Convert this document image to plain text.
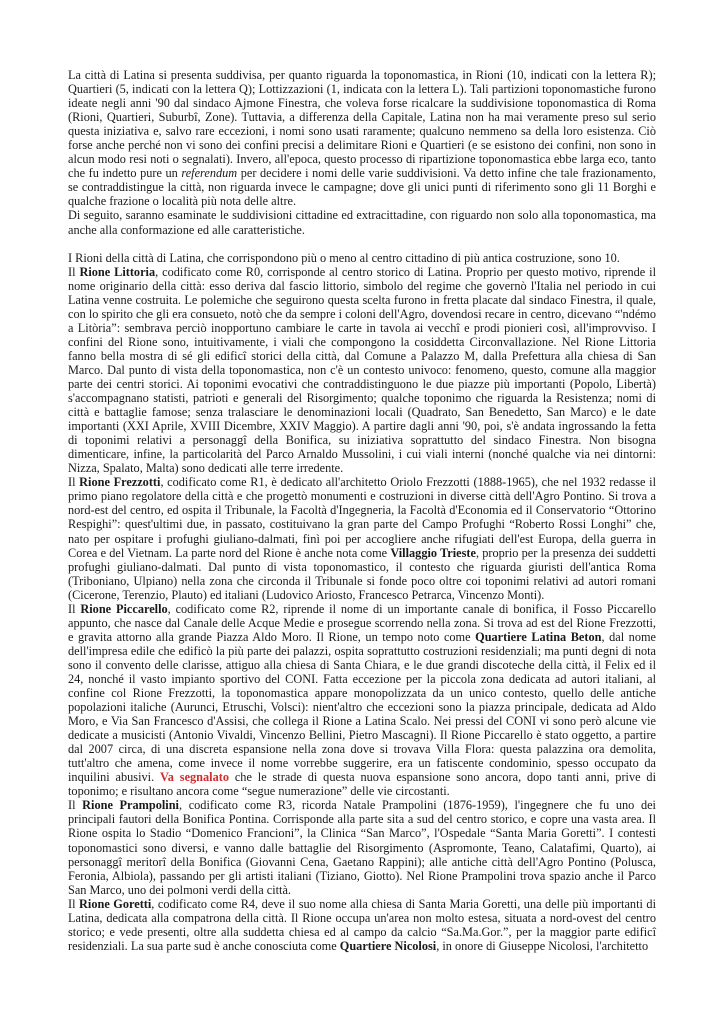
La città di Latina si presenta suddivisa, per quanto riguarda la toponomastica, in Rioni (10, indicati con la lettera R); Quartieri (5, indicati con la lettera Q); Lottizzazioni (1, indicata con la lettera L). Tali partizioni toponomastiche furono ideate negli anni '90 dal sindaco Ajmone Finestra, che voleva forse ricalcare la suddivisione toponomastica di Roma (Rioni, Quartieri, Suburbî, Zone). Tuttavia, a differenza della Capitale, Latina non ha mai veramente preso sul serio questa iniziativa e, salvo rare eccezioni, i nomi sono usati raramente; qualcuno nemmeno sa della loro esistenza. Ciò forse anche perché non vi sono dei confini precisi a delimitare Rioni e Quartieri (e se esistono dei confini, non sono in alcun modo resi noti o segnalati). Invero, all'epoca, questo processo di ripartizione toponomastica ebbe larga eco, tanto che fu indetto pure un referendum per decidere i nomi delle varie suddivisioni. Va detto infine che tale frazionamento, se contraddistingue la città, non riguarda invece le campagne; dove gli unici punti di riferimento sono gli 11 Borghi e qualche frazione o località più nota delle altre.

Di seguito, saranno esaminate le suddivisioni cittadine ed extracittadine, con riguardo non solo alla toponomastica, ma anche alla conformazione ed alle caratteristiche.

I Rioni della città di Latina, che corrispondono più o meno al centro cittadino di più antica costruzione, sono 10.

Il Rione Littoria, codificato come R0, corrisponde al centro storico di Latina. Proprio per questo motivo, riprende il nome originario della città: esso deriva dal fascio littorio, simbolo del regime che governò l'Italia nel periodo in cui Latina venne costruita. Le polemiche che seguirono questa scelta furono in fretta placate dal sindaco Finestra, il quale, con lo spirito che gli era consueto, notò che da sempre i coloni dell'Agro, dovendosi recare in centro, dicevano “'ndémo a Litòria”: sembrava perciò inopportuno cambiare le carte in tavola ai vecchî e prodi pionieri così, all'improvviso. I confini del Rione sono, intuitivamente, i viali che compongono la cosiddetta Circonvallazione. Nel Rione Littoria fanno bella mostra di sé gli edificî storici della città, dal Comune a Palazzo M, dalla Prefettura alla chiesa di San Marco. Dal punto di vista della toponomastica, non c'è un contesto univoco: fenomeno, questo, comune alla maggior parte dei centri storici. Ai toponimi evocativi che contraddistinguono le due piazze più importanti (Popolo, Libertà) s'accompagnano statisti, patrioti e generali del Risorgimento; qualche toponimo che riguarda la Resistenza; nomi di città e battaglie famose; senza tralasciare le denominazioni locali (Quadrato, San Benedetto, San Marco) e le date importanti (XXI Aprile, XVIII Dicembre, XXIV Maggio). A partire dagli anni '90, poi, s'è andata ingrossando la fetta di toponimi relativi a personaggî della Bonifica, su iniziativa soprattutto del sindaco Finestra. Non bisogna dimenticare, infine, la particolarità del Parco Arnaldo Mussolini, i cui viali interni (nonché qualche via nei dintorni: Nizza, Spalato, Malta) sono dedicati alle terre irredente.

Il Rione Frezzotti, codificato come R1, è dedicato all'architetto Oriolo Frezzotti (1888-1965), che nel 1932 redasse il primo piano regolatore della città e che progettò monumenti e costruzioni in diverse città dell'Agro Pontino. Si trova a nord-est del centro, ed ospita il Tribunale, la Facoltà d'Ingegneria, la Facoltà d'Economia ed il Conservatorio “Ottorino Respighi”: quest'ultimi due, in passato, costituivano la gran parte del Campo Profughi “Roberto Rossi Longhi” che, nato per ospitare i profughi giuliano-dalmati, finì poi per accogliere anche rifugiati dell'est Europa, della guerra in Corea e del Vietnam. La parte nord del Rione è anche nota come Villaggio Trieste, proprio per la presenza dei suddetti profughi giuliano-dalmati. Dal punto di vista toponomastico, il contesto che riguarda giuristi dell'antica Roma (Triboniano, Ulpiano) nella zona che circonda il Tribunale si fonde poco oltre coi toponimi relativi ad autori romani (Cicerone, Terenzio, Plauto) ed italiani (Ludovico Ariosto, Francesco Petrarca, Vincenzo Monti).

Il Rione Piccarello, codificato come R2, riprende il nome di un importante canale di bonifica, il Fosso Piccarello appunto, che nasce dal Canale delle Acque Medie e prosegue scorrendo nella zona. Si trova ad est del Rione Frezzotti, e gravita attorno alla grande Piazza Aldo Moro. Il Rione, un tempo noto come Quartiere Latina Beton, dal nome dell'impresa edile che edificò la più parte dei palazzi, ospita soprattutto costruzioni residenziali; ma punti degni di nota sono il convento delle clarisse, attiguo alla chiesa di Santa Chiara, e le due grandi discoteche della città, il Felix ed il 24, nonché il vasto impianto sportivo del CONI. Fatta eccezione per la piccola zona dedicata ad autori italiani, al confine col Rione Frezzotti, la toponomastica appare monopolizzata da un unico contesto, quello delle antiche popolazioni italiche (Aurunci, Etruschi, Volsci): nient'altro che eccezioni sono la piazza principale, dedicata ad Aldo Moro, e Via San Francesco d'Assisi, che collega il Rione a Latina Scalo. Nei pressi del CONI vi sono però alcune vie dedicate a musicisti (Antonio Vivaldi, Vincenzo Bellini, Pietro Mascagni). Il Rione Piccarello è stato oggetto, a partire dal 2007 circa, di una discreta espansione nella zona dove si trovava Villa Flora: questa palazzina ora demolita, tutt'altro che amena, come invece il nome vorrebbe suggerire, era un fatiscente condominio, spesso occupato da inquilini abusivi. Va segnalato che le strade di questa nuova espansione sono ancora, dopo tanti anni, prive di toponimo; e risultano ancora come “segue numerazione” delle vie circostanti.

Il Rione Prampolini, codificato come R3, ricorda Natale Prampolini (1876-1959), l'ingegnere che fu uno dei principali fautori della Bonifica Pontina. Corrisponde alla parte sita a sud del centro storico, e copre una vasta area. Il Rione ospita lo Stadio “Domenico Francioni”, la Clinica “San Marco”, l'Ospedale “Santa Maria Goretti”. I contesti toponomastici sono diversi, e vanno dalle battaglie del Risorgimento (Aspromonte, Teano, Calatafimi, Quarto), ai personaggî meritorî della Bonifica (Giovanni Cena, Gaetano Rappini); alle antiche città dell'Agro Pontino (Polusca, Feronia, Albiola), passando per gli artisti italiani (Tiziano, Giotto). Nel Rione Prampolini trova spazio anche il Parco San Marco, uno dei polmoni verdi della città.

Il Rione Goretti, codificato come R4, deve il suo nome alla chiesa di Santa Maria Goretti, una delle più importanti di Latina, dedicata alla compatrona della città. Il Rione occupa un'area non molto estesa, situata a nord-ovest del centro storico; e vede presenti, oltre alla suddetta chiesa ed al campo da calcio “Sa.Ma.Gor.”, per la maggior parte edificî residenziali. La sua parte sud è anche conosciuta come Quartiere Nicolosi, in onore di Giuseppe Nicolosi, l'architetto
